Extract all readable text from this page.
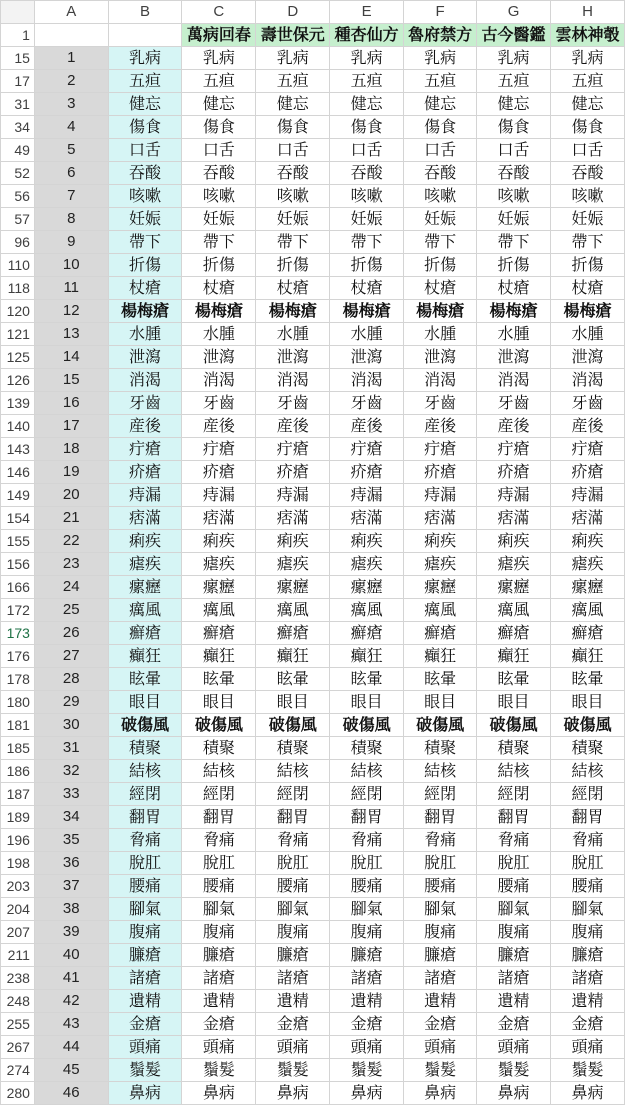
	A	B	C	D	E	F	G	H
1			萬病回春	壽世保元	種杏仙方	魯府禁方	古今醫鑑	雲林神彀
15	1	乳病	乳病	乳病	乳病	乳病	乳病	乳病
17	2	五疸	五疸	五疸	五疸	五疸	五疸	五疸
31	3	健忘	健忘	健忘	健忘	健忘	健忘	健忘
34	4	傷食	傷食	傷食	傷食	傷食	傷食	傷食
49	5	口舌	口舌	口舌	口舌	口舌	口舌	口舌
52	6	吞酸	吞酸	吞酸	吞酸	吞酸	吞酸	吞酸
56	7	咳嗽	咳嗽	咳嗽	咳嗽	咳嗽	咳嗽	咳嗽
57	8	妊娠	妊娠	妊娠	妊娠	妊娠	妊娠	妊娠
96	9	帶下	帶下	帶下	帶下	帶下	帶下	帶下
110	10	折傷	折傷	折傷	折傷	折傷	折傷	折傷
118	11	杖瘡	杖瘡	杖瘡	杖瘡	杖瘡	杖瘡	杖瘡
120	12	楊梅瘡	楊梅瘡	楊梅瘡	楊梅瘡	楊梅瘡	楊梅瘡	楊梅瘡
121	13	水腫	水腫	水腫	水腫	水腫	水腫	水腫
125	14	泄瀉	泄瀉	泄瀉	泄瀉	泄瀉	泄瀉	泄瀉
126	15	消渴	消渴	消渴	消渴	消渴	消渴	消渴
139	16	牙齒	牙齒	牙齒	牙齒	牙齒	牙齒	牙齒
140	17	産後	産後	産後	産後	産後	産後	産後
143	18	疔瘡	疔瘡	疔瘡	疔瘡	疔瘡	疔瘡	疔瘡
146	19	疥瘡	疥瘡	疥瘡	疥瘡	疥瘡	疥瘡	疥瘡
149	20	痔漏	痔漏	痔漏	痔漏	痔漏	痔漏	痔漏
154	21	痞滿	痞滿	痞滿	痞滿	痞滿	痞滿	痞滿
155	22	痢疾	痢疾	痢疾	痢疾	痢疾	痢疾	痢疾
156	23	瘧疾	瘧疾	瘧疾	瘧疾	瘧疾	瘧疾	瘧疾
166	24	瘰癧	瘰癧	瘰癧	瘰癧	瘰癧	瘰癧	瘰癧
172	25	癘風	癘風	癘風	癘風	癘風	癘風	癘風
173	26	癬瘡	癬瘡	癬瘡	癬瘡	癬瘡	癬瘡	癬瘡
176	27	癲狂	癲狂	癲狂	癲狂	癲狂	癲狂	癲狂
178	28	眩暈	眩暈	眩暈	眩暈	眩暈	眩暈	眩暈
180	29	眼目	眼目	眼目	眼目	眼目	眼目	眼目
181	30	破傷風	破傷風	破傷風	破傷風	破傷風	破傷風	破傷風
185	31	積聚	積聚	積聚	積聚	積聚	積聚	積聚
186	32	結核	結核	結核	結核	結核	結核	結核
187	33	經閉	經閉	經閉	經閉	經閉	經閉	經閉
189	34	翻胃	翻胃	翻胃	翻胃	翻胃	翻胃	翻胃
196	35	脅痛	脅痛	脅痛	脅痛	脅痛	脅痛	脅痛
198	36	脫肛	脫肛	脫肛	脫肛	脫肛	脫肛	脫肛
203	37	腰痛	腰痛	腰痛	腰痛	腰痛	腰痛	腰痛
204	38	腳氣	腳氣	腳氣	腳氣	腳氣	腳氣	腳氣
207	39	腹痛	腹痛	腹痛	腹痛	腹痛	腹痛	腹痛
211	40	臁瘡	臁瘡	臁瘡	臁瘡	臁瘡	臁瘡	臁瘡
238	41	諸瘡	諸瘡	諸瘡	諸瘡	諸瘡	諸瘡	諸瘡
248	42	遺精	遺精	遺精	遺精	遺精	遺精	遺精
255	43	金瘡	金瘡	金瘡	金瘡	金瘡	金瘡	金瘡
267	44	頭痛	頭痛	頭痛	頭痛	頭痛	頭痛	頭痛
274	45	鬚髮	鬚髮	鬚髮	鬚髮	鬚髮	鬚髮	鬚髮
280	46	鼻病	鼻病	鼻病	鼻病	鼻病	鼻病	鼻病
